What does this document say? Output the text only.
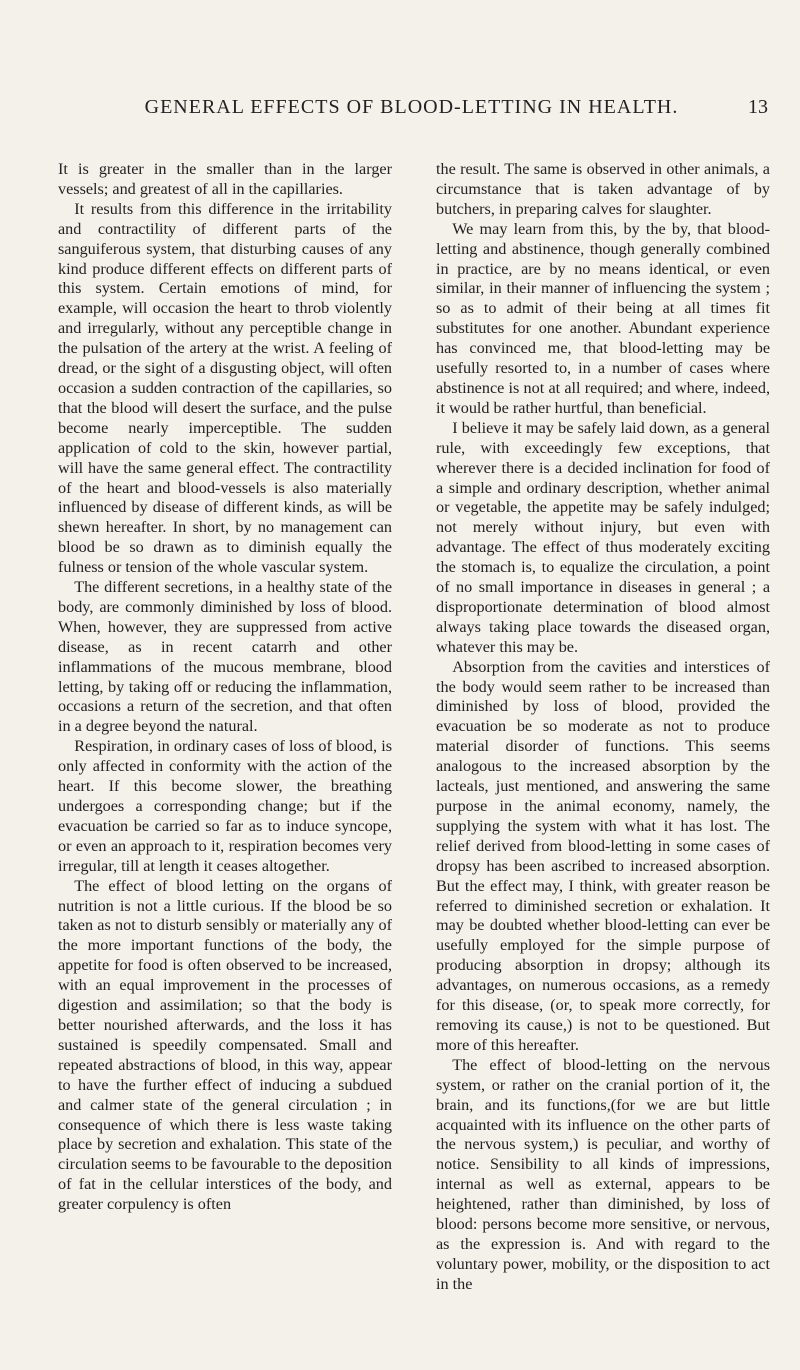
GENERAL EFFECTS OF BLOOD-LETTING IN HEALTH.	13

It is greater in the smaller than in the larger vessels; and greatest of all in the capillaries.

It results from this difference in the irritability and contractility of different parts of the sanguiferous system, that disturbing causes of any kind produce different effects on different parts of this system. Certain emotions of mind, for example, will occasion the heart to throb violently and irregularly, without any perceptible change in the pulsation of the artery at the wrist. A feeling of dread, or the sight of a disgusting object, will often occasion a sudden contraction of the capillaries, so that the blood will desert the surface, and the pulse become nearly imperceptible. The sudden application of cold to the skin, however partial, will have the same general effect. The contractility of the heart and blood-vessels is also materially influenced by disease of different kinds, as will be shewn hereafter. In short, by no management can blood be so drawn as to diminish equally the fulness or tension of the whole vascular system.

The different secretions, in a healthy state of the body, are commonly diminished by loss of blood. When, however, they are suppressed from active disease, as in recent catarrh and other inflammations of the mucous membrane, blood letting, by taking off or reducing the inflammation, occasions a return of the secretion, and that often in a degree beyond the natural.

Respiration, in ordinary cases of loss of blood, is only affected in conformity with the action of the heart. If this become slower, the breathing undergoes a corresponding change; but if the evacuation be carried so far as to induce syncope, or even an approach to it, respiration becomes very irregular, till at length it ceases altogether.

The effect of blood letting on the organs of nutrition is not a little curious. If the blood be so taken as not to disturb sensibly or materially any of the more important functions of the body, the appetite for food is often observed to be increased, with an equal improvement in the processes of digestion and assimilation; so that the body is better nourished afterwards, and the loss it has sustained is speedily compensated. Small and repeated abstractions of blood, in this way, appear to have the further effect of inducing a subdued and calmer state of the general circulation ; in consequence of which there is less waste taking place by secretion and exhalation. This state of the circulation seems to be favourable to the deposition of fat in the cellular interstices of the body, and greater corpulency is often

the result. The same is observed in other animals, a circumstance that is taken advantage of by butchers, in preparing calves for slaughter.

We may learn from this, by the by, that blood-letting and abstinence, though generally combined in practice, are by no means identical, or even similar, in their manner of influencing the system ; so as to admit of their being at all times fit substitutes for one another. Abundant experience has convinced me, that blood-letting may be usefully resorted to, in a number of cases where abstinence is not at all required; and where, indeed, it would be rather hurtful, than beneficial.

I believe it may be safely laid down, as a general rule, with exceedingly few exceptions, that wherever there is a decided inclination for food of a simple and ordinary description, whether animal or vegetable, the appetite may be safely indulged; not merely without injury, but even with advantage. The effect of thus moderately exciting the stomach is, to equalize the circulation, a point of no small importance in diseases in general ; a disproportionate determination of blood almost always taking place towards the diseased organ, whatever this may be.

Absorption from the cavities and interstices of the body would seem rather to be increased than diminished by loss of blood, provided the evacuation be so moderate as not to produce material disorder of functions. This seems analogous to the increased absorption by the lacteals, just mentioned, and answering the same purpose in the animal economy, namely, the supplying the system with what it has lost. The relief derived from blood-letting in some cases of dropsy has been ascribed to increased absorption. But the effect may, I think, with greater reason be referred to diminished secretion or exhalation. It may be doubted whether blood-letting can ever be usefully employed for the simple purpose of producing absorption in dropsy; although its advantages, on numerous occasions, as a remedy for this disease, (or, to speak more correctly, for removing its cause,) is not to be questioned. But more of this hereafter.

The effect of blood-letting on the nervous system, or rather on the cranial portion of it, the brain, and its functions,(for we are but little acquainted with its influence on the other parts of the nervous system,) is peculiar, and worthy of notice. Sensibility to all kinds of impressions, internal as well as external, appears to be heightened, rather than diminished, by loss of blood: persons become more sensitive, or nervous, as the expression is. And with regard to the voluntary power, mobility, or the disposition to act in the
